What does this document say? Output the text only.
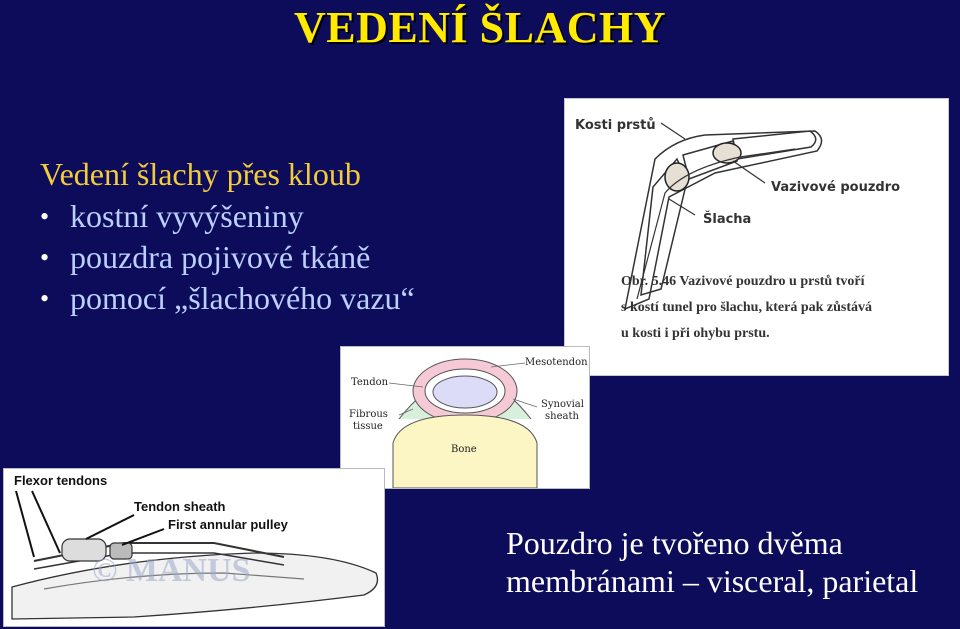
VEDENÍ ŠLACHY
Vedení šlachy přes kloub
• kostní vyvýšeniny
• pouzdra pojivové tkáně
• pomocí „šlachového vazu“
Kosti prstů
Vazivové pouzdro
Šlacha
Obr. 5.46 Vazivové pouzdro u prstů tvoří
s kostí tunel pro šlachu, která pak zůstává
u kosti i při ohybu prstu.
Mesotendon
Tendon
Fibrous
tissue
Synovial
sheath
Bone
Flexor tendons
Tendon sheath
First annular pulley
© MANUS
Pouzdro je tvořeno dvěma
membránami – visceral, parietal
